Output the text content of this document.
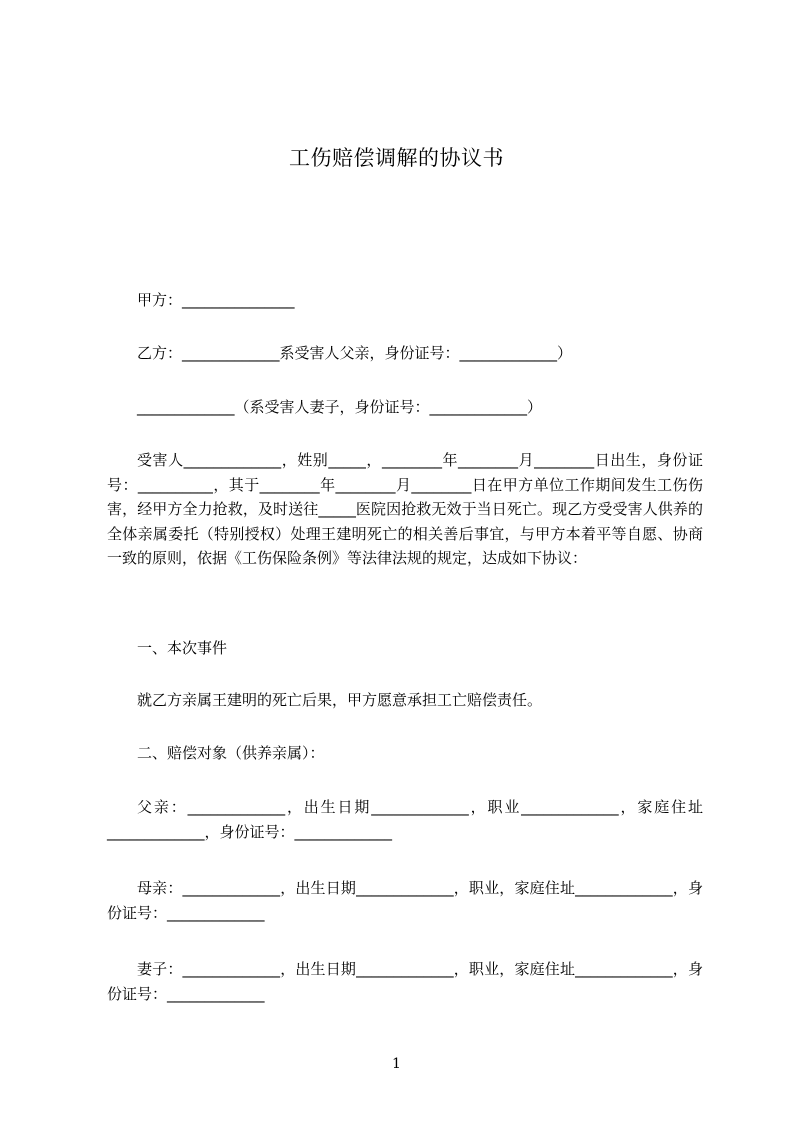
工伤赔偿调解的协议书
甲方：_______________
乙方：_____________系受害人父亲，身份证号：_____________）
_____________（系受害人妻子，身份证号：_____________）
受害人_____________，姓别_____，________年________月________日出生，身份证号：__________，其于________年________月________日在甲方单位工作期间发生工伤伤害，经甲方全力抢救，及时送往_____医院因抢救无效于当日死亡。现乙方受受害人供养的全体亲属委托（特别授权）处理王建明死亡的相关善后事宜，与甲方本着平等自愿、协商一致的原则，依据《工伤保险条例》等法律法规的规定，达成如下协议：
一、本次事件
就乙方亲属王建明的死亡后果，甲方愿意承担工亡赔偿责任。
二、赔偿对象（供养亲属）：
父亲：_____________，出生日期_____________，职业_____________，家庭住址_____________，身份证号：_____________
母亲：_____________，出生日期_____________，职业，家庭住址_____________，身份证号：_____________
妻子：_____________，出生日期_____________，职业，家庭住址_____________，身份证号：_____________
1
